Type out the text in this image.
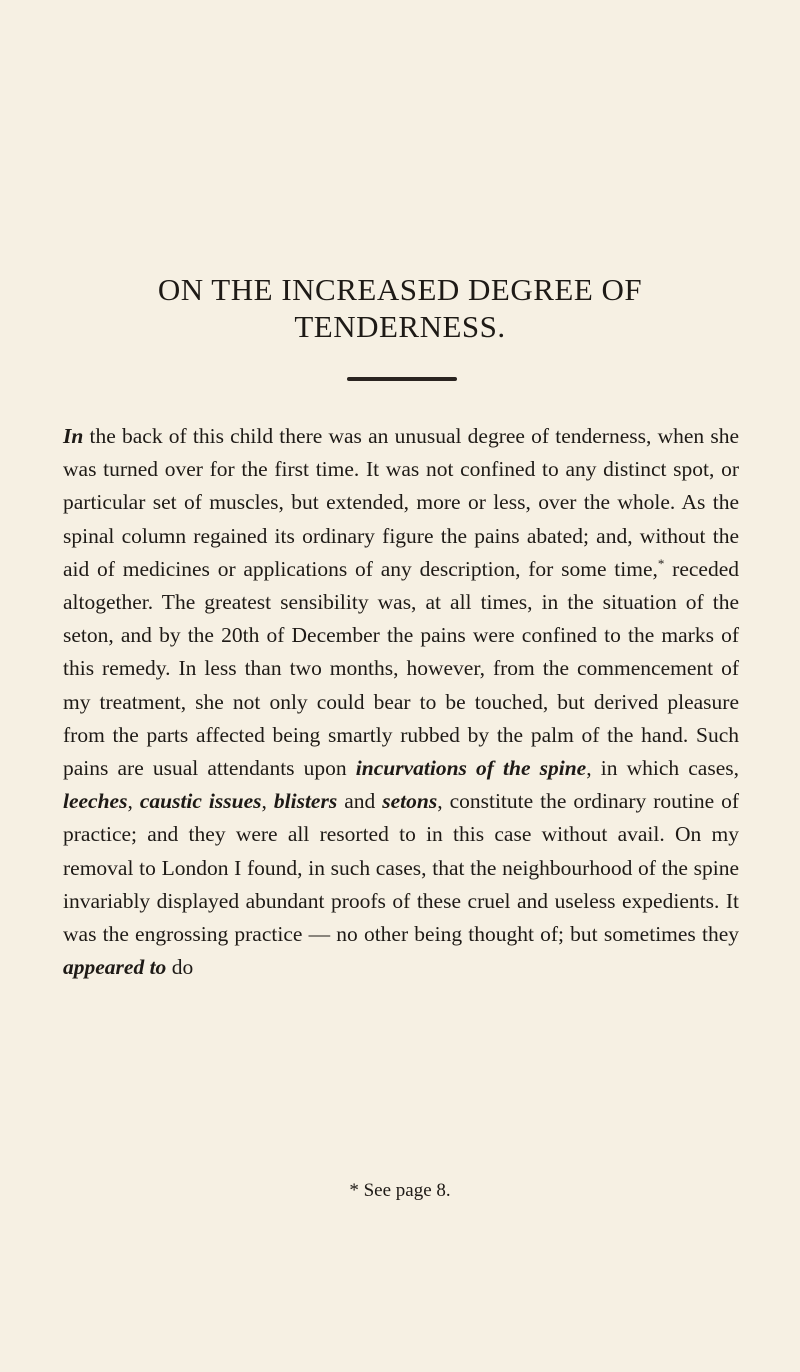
ON THE INCREASED DEGREE OF
TENDERNESS.

In the back of this child there was an unusual degree of tenderness, when she was turned over for the first time. It was not confined to any distinct spot, or particular set of muscles, but extended, more or less, over the whole. As the spinal column regained its ordinary figure the pains abated; and, without the aid of medicines or applications of any description, for some time,* receded altogether. The greatest sensibility was, at all times, in the situation of the seton, and by the 20th of December the pains were confined to the marks of this remedy. In less than two months, however, from the commencement of my treatment, she not only could bear to be touched, but derived pleasure from the parts affected being smartly rubbed by the palm of the hand. Such pains are usual attendants upon incurvations of the spine, in which cases, leeches, caustic issues, blisters and setons, constitute the ordinary routine of practice; and they were all resorted to in this case without avail. On my removal to London I found, in such cases, that the neighbourhood of the spine invariably displayed abundant proofs of these cruel and useless expedients. It was the engrossing practice — no other being thought of; but sometimes they appeared to do

* See page 8.
